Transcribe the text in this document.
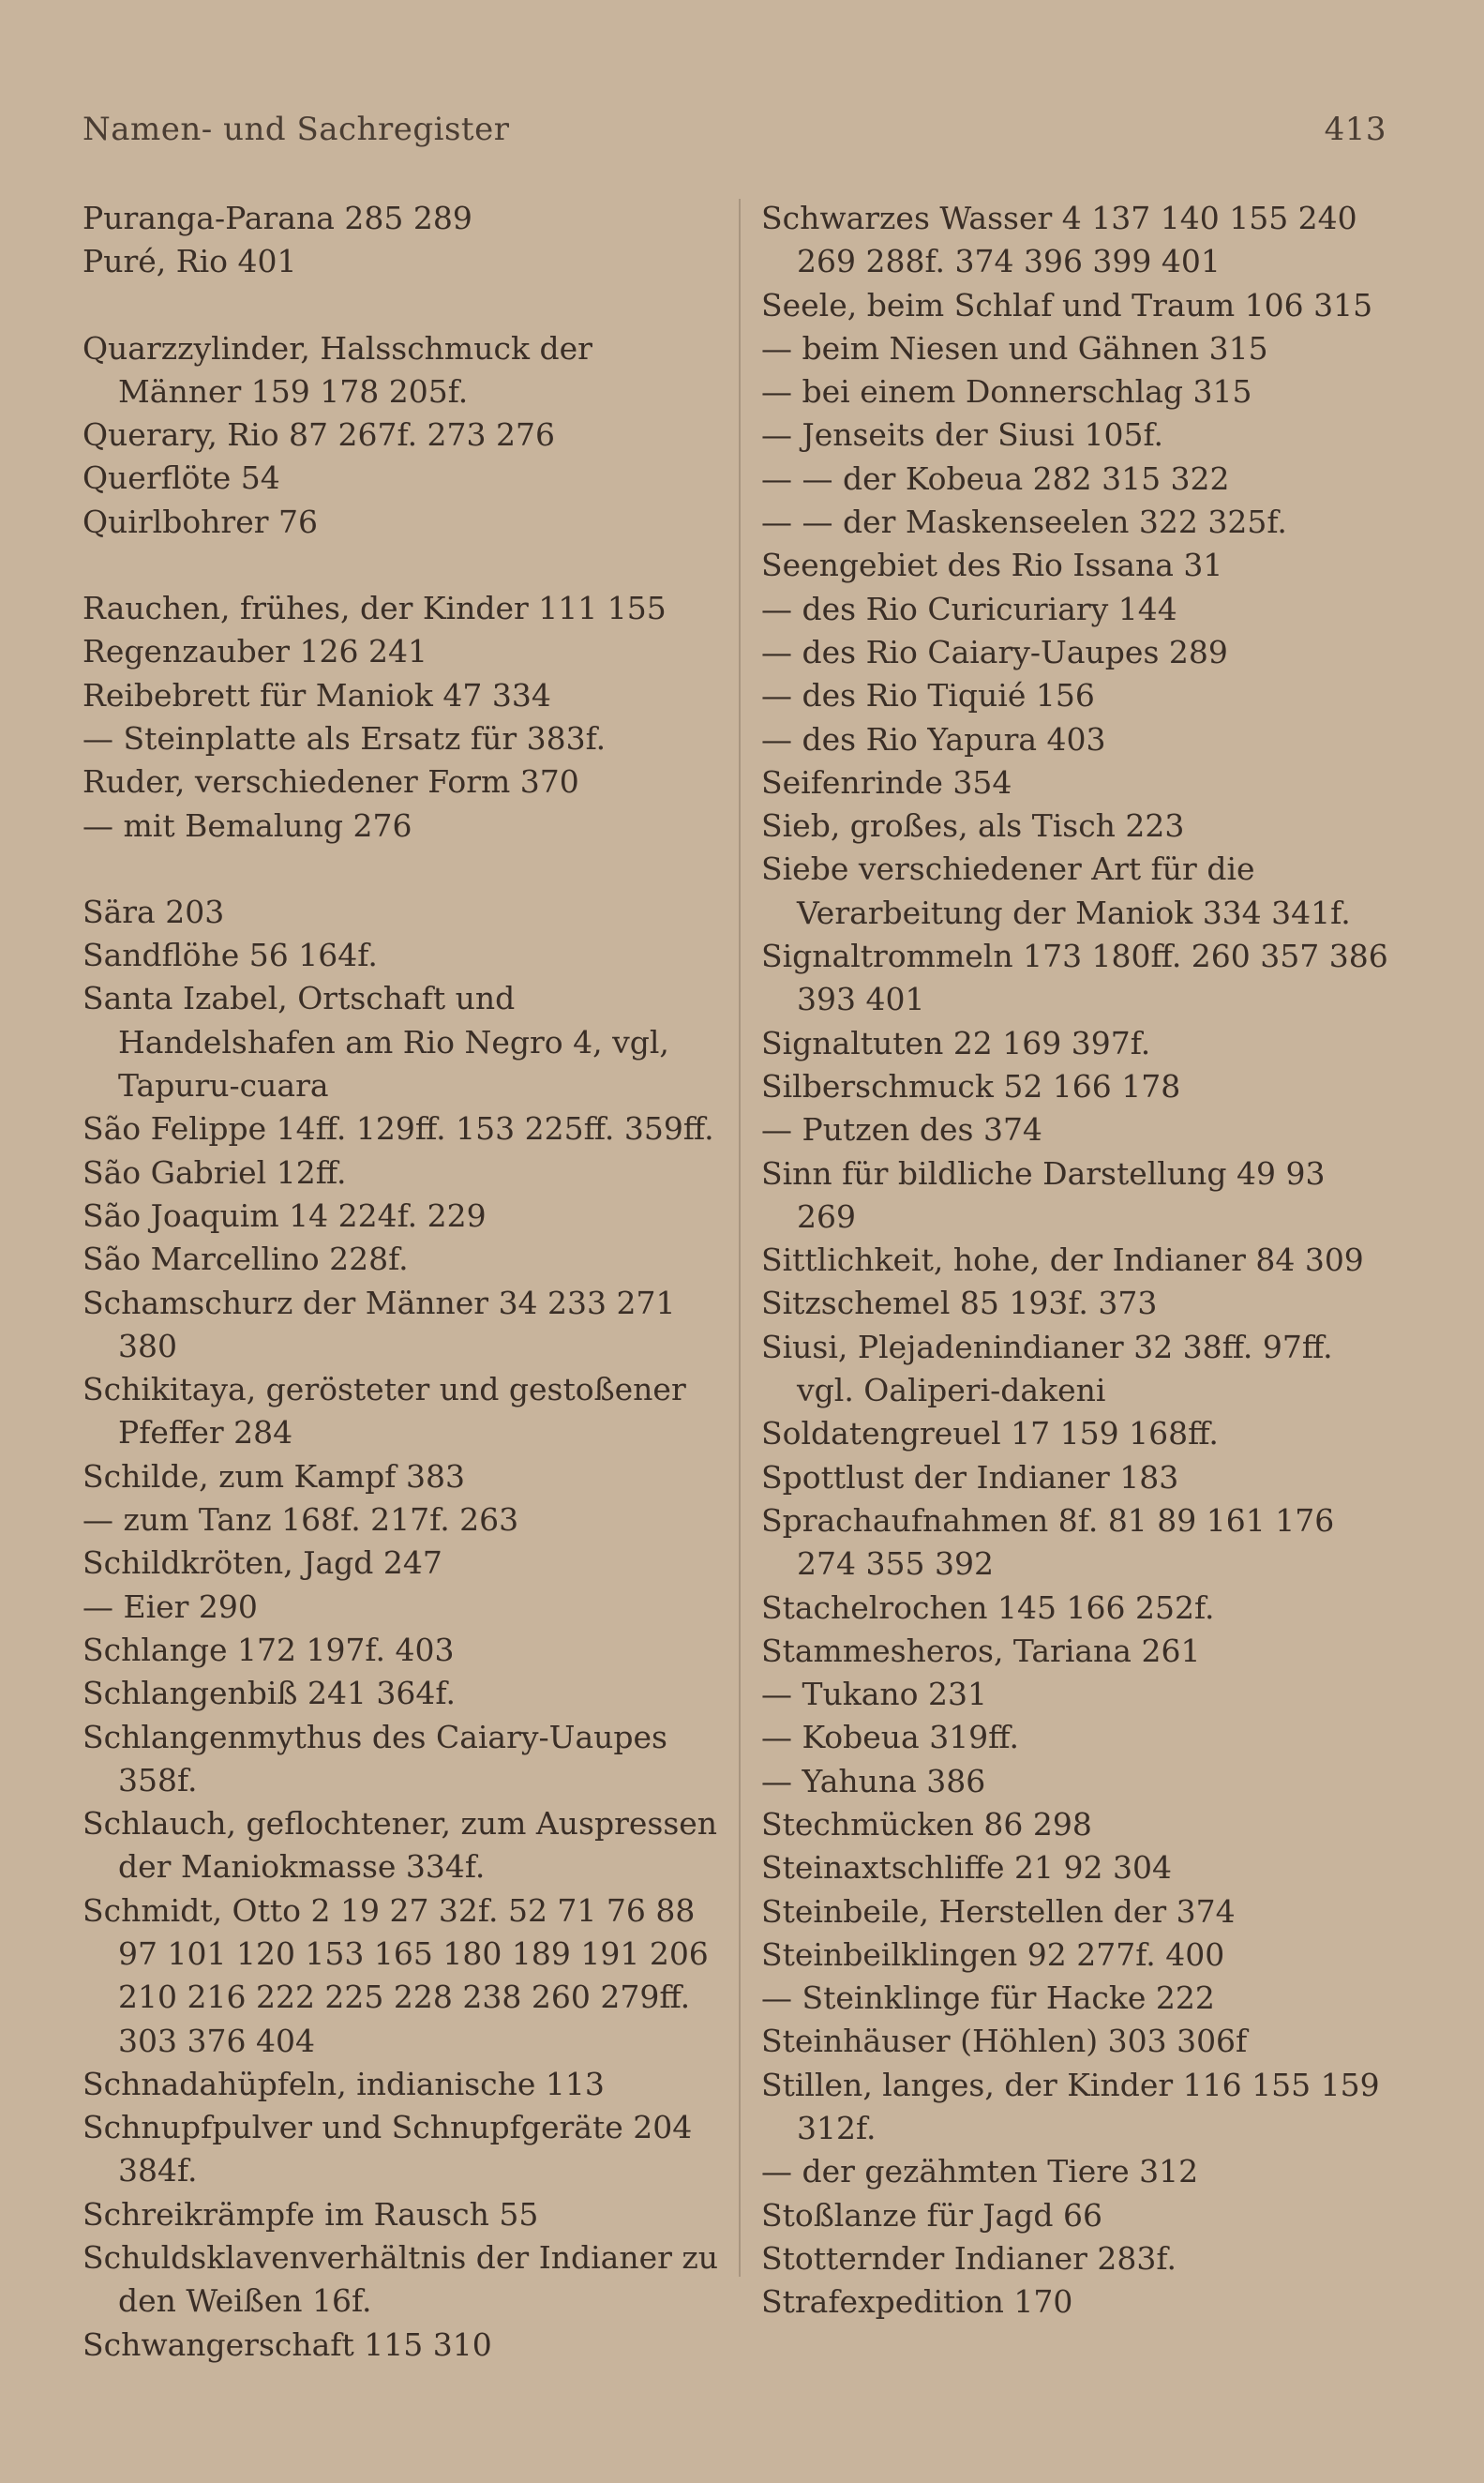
Namen- und Sachregister	413
Puranga-Parana 285 289
Puré, Rio 401
Quarzzylinder, Halsschmuck der Männer 159 178 205f.
Querary, Rio 87 267f. 273 276
Querflöte 54
Quirlbohrer 76
Rauchen, frühes, der Kinder 111 155
Regenzauber 126 241
Reibebrett für Maniok 47 334
— Steinplatte als Ersatz für 383f.
Ruder, verschiedener Form 370
— mit Bemalung 276
Sära 203
Sandflöhe 56 164f.
Santa Izabel, Ortschaft und Handelshafen am Rio Negro 4, vgl, Tapuru-cuara
São Felippe 14ff. 129ff. 153 225ff. 359ff.
São Gabriel 12ff.
São Joaquim 14 224f. 229
São Marcellino 228f.
Schamschurz der Männer 34 233 271 380
Schikitaya, gerösteter und gestoßener Pfeffer 284
Schilde, zum Kampf 383
— zum Tanz 168f. 217f. 263
Schildkröten, Jagd 247
— Eier 290
Schlange 172 197f. 403
Schlangenbiß 241 364f.
Schlangenmythus des Caiary-Uaupes 358f.
Schlauch, geflochtener, zum Auspressen der Maniokmasse 334f.
Schmidt, Otto 2 19 27 32f. 52 71 76 88 97 101 120 153 165 180 189 191 206 210 216 222 225 228 238 260 279ff. 303 376 404
Schnadahüpfeln, indianische 113
Schnupfpulver und Schnupfgeräte 204 384f.
Schreikrämpfe im Rausch 55
Schuldsklavenverhältnis der Indianer zu den Weißen 16f.
Schwangerschaft 115 310
Schwarzes Wasser 4 137 140 155 240 269 288f. 374 396 399 401
Seele, beim Schlaf und Traum 106 315
— beim Niesen und Gähnen 315
— bei einem Donnerschlag 315
— Jenseits der Siusi 105f.
— — der Kobeua 282 315 322
— — der Maskenseelen 322 325f.
Seengebiet des Rio Issana 31
— des Rio Curicuriary 144
— des Rio Caiary-Uaupes 289
— des Rio Tiquié 156
— des Rio Yapura 403
Seifenrinde 354
Sieb, großes, als Tisch 223
Siebe verschiedener Art für die Verarbeitung der Maniok 334 341f.
Signaltrommeln 173 180ff. 260 357 386 393 401
Signaltuten 22 169 397f.
Silberschmuck 52 166 178
— Putzen des 374
Sinn für bildliche Darstellung 49 93 269
Sittlichkeit, hohe, der Indianer 84 309
Sitzschemel 85 193f. 373
Siusi, Plejadenindianer 32 38ff. 97ff. vgl. Oaliperi-dakeni
Soldatengreuel 17 159 168ff.
Spottlust der Indianer 183
Sprachaufnahmen 8f. 81 89 161 176 274 355 392
Stachelrochen 145 166 252f.
Stammesheros, Tariana 261
— Tukano 231
— Kobeua 319ff.
— Yahuna 386
Stechmücken 86 298
Steinaxtschliffe 21 92 304
Steinbeile, Herstellen der 374
Steinbeilklingen 92 277f. 400
— Steinklinge für Hacke 222
Steinhäuser (Höhlen) 303 306f
Stillen, langes, der Kinder 116 155 159 312f.
— der gezähmten Tiere 312
Stoßlanze für Jagd 66
Stotternder Indianer 283f.
Strafexpedition 170
